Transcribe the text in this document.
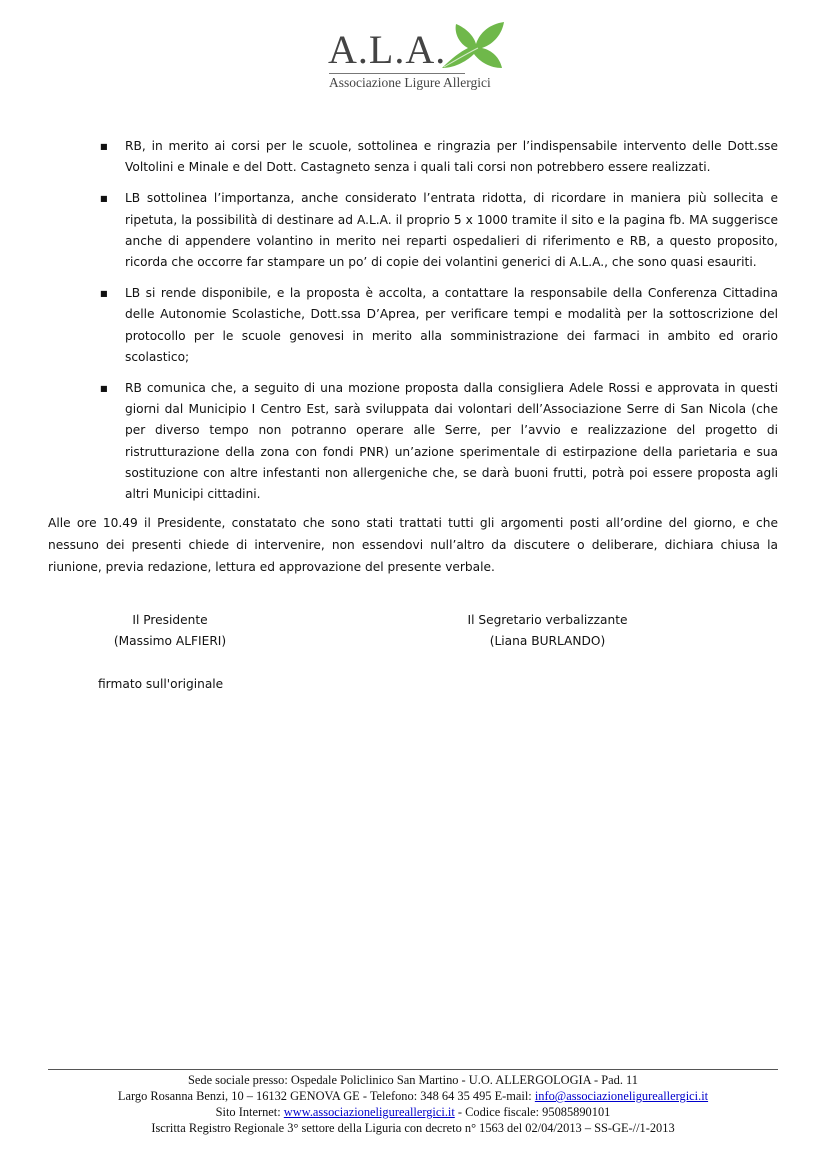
A.L.A.
Associazione Ligure Allergici
■ RB, in merito ai corsi per le scuole, sottolinea e ringrazia per l’indispensabile intervento delle Dott.sse Voltolini e Minale e del Dott. Castagneto senza i quali tali corsi non potrebbero essere realizzati.
■ LB sottolinea l’importanza, anche considerato l’entrata ridotta, di ricordare in maniera più sollecita e ripetuta, la possibilità di destinare ad A.L.A. il proprio 5 x 1000 tramite il sito e la pagina fb. MA suggerisce anche di appendere volantino in merito nei reparti ospedalieri di riferimento e RB, a questo proposito, ricorda che occorre far stampare un po’ di copie dei volantini generici di A.L.A., che sono quasi esauriti.
■ LB si rende disponibile, e la proposta è accolta, a contattare la responsabile della Conferenza Cittadina delle Autonomie Scolastiche, Dott.ssa D’Aprea, per verificare tempi e modalità per la sottoscrizione del protocollo per le scuole genovesi in merito alla somministrazione dei farmaci in ambito ed orario scolastico;
■ RB comunica che, a seguito di una mozione proposta dalla consigliera Adele Rossi e approvata in questi giorni dal Municipio I Centro Est, sarà sviluppata dai volontari dell’Associazione Serre di San Nicola (che per diverso tempo non potranno operare alle Serre, per l’avvio e realizzazione del progetto di ristrutturazione della zona con fondi PNR) un’azione sperimentale di estirpazione della parietaria e sua sostituzione con altre infestanti non allergeniche che, se darà buoni frutti, potrà poi essere proposta agli altri Municipi cittadini.

Alle ore 10.49 il Presidente, constatato che sono stati trattati tutti gli argomenti posti all’ordine del giorno, e che nessuno dei presenti chiede di intervenire, non essendovi null’altro da discutere o deliberare, dichiara chiusa la riunione, previa redazione, lettura ed approvazione del presente verbale.

Il Presidente
(Massimo ALFIERI)
Il Segretario verbalizzante
(Liana BURLANDO)
firmato sull'originale
Sede sociale presso: Ospedale Policlinico San Martino - U.O. ALLERGOLOGIA - Pad. 11
Largo Rosanna Benzi, 10 – 16132 GENOVA GE - Telefono: 348 64 35 495 E-mail: info@associazioneligureallergici.it
Sito Internet: www.associazioneligureallergici.it - Codice fiscale: 95085890101
Iscritta Registro Regionale 3° settore della Liguria con decreto n° 1563 del 02/04/2013 – SS-GE-//1-2013
